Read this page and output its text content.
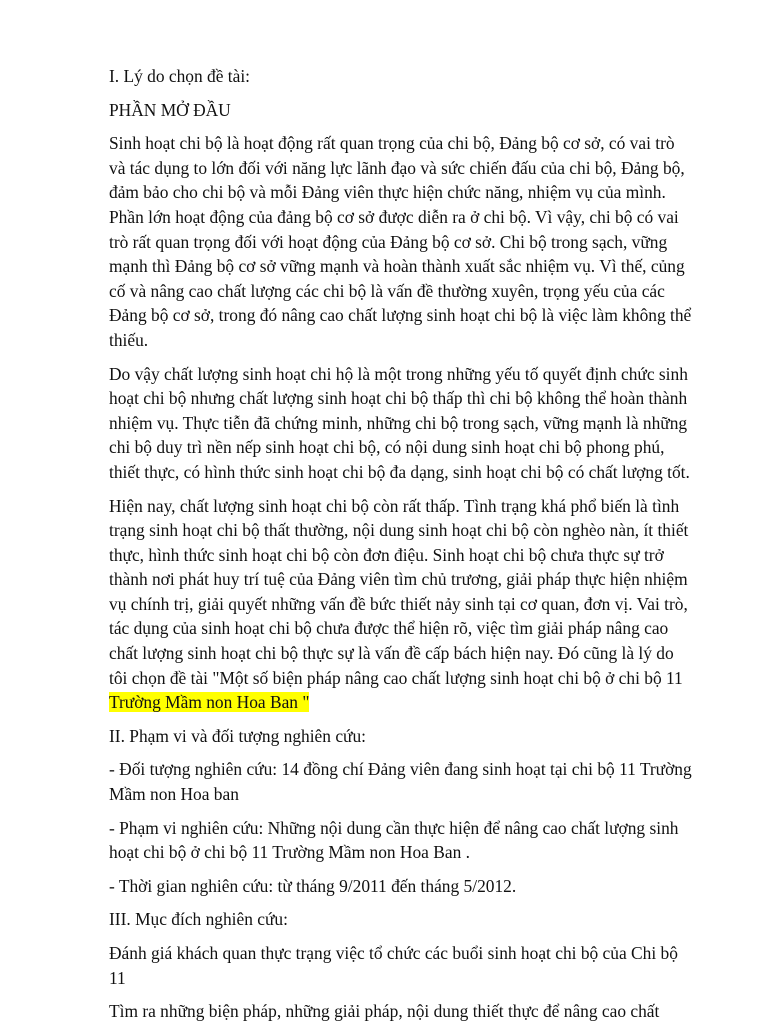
I. Lý do chọn đề tài:

PHẦN MỞ ĐẦU

Sinh hoạt chi bộ là hoạt động rất quan trọng của chi bộ, Đảng bộ cơ sở, có vai trò và tác dụng to lớn đối với năng lực lãnh đạo và sức chiến đấu của chi bộ, Đảng bộ, đảm bảo cho chi bộ và mỗi Đảng viên thực hiện chức năng, nhiệm vụ của mình. Phần lớn hoạt động của đảng bộ cơ sở được diễn ra ở chi bộ. Vì vậy, chi bộ có vai trò rất quan trọng đối với hoạt động của Đảng bộ cơ sở. Chi bộ trong sạch, vững mạnh thì Đảng bộ cơ sở vững mạnh và hoàn thành xuất sắc nhiệm vụ. Vì thế, củng cố và nâng cao chất lượng các chi bộ là vấn đề thường xuyên, trọng yếu của các Đảng bộ cơ sở, trong đó nâng cao chất lượng sinh hoạt chi bộ là việc làm không thể thiếu.

Do vậy chất lượng sinh hoạt chi hộ là một trong những yếu tố quyết định chức sinh hoạt chi bộ nhưng chất lượng sinh hoạt chi bộ thấp thì chi bộ không thể hoàn thành nhiệm vụ. Thực tiễn đã chứng minh, những chi bộ trong sạch, vững mạnh là những chi bộ duy trì nền nếp sinh hoạt chi bộ, có nội dung sinh hoạt chi bộ phong phú, thiết thực, có hình thức sinh hoạt chi bộ đa dạng, sinh hoạt chi bộ có chất lượng tốt.

Hiện nay, chất lượng sinh hoạt chi bộ còn rất thấp. Tình trạng khá phổ biến là tình trạng sinh hoạt chi bộ thất thường, nội dung sinh hoạt chi bộ còn nghèo nàn, ít thiết thực, hình thức sinh hoạt chi bộ còn đơn điệu. Sinh hoạt chi bộ chưa thực sự trở thành nơi phát huy trí tuệ của Đảng viên tìm chủ trương, giải pháp thực hiện nhiệm vụ chính trị, giải quyết những vấn đề bức thiết nảy sinh tại cơ quan, đơn vị. Vai trò, tác dụng của sinh hoạt chi bộ chưa được thể hiện rõ, việc tìm giải pháp nâng cao chất lượng sinh hoạt chi bộ thực sự là vấn đề cấp bách hiện nay. Đó cũng là lý do tôi chọn đề tài "Một số biện pháp nâng cao chất lượng sinh hoạt chi bộ ở chi bộ 11 Trường Mầm non Hoa Ban "

II. Phạm vi và đối tượng nghiên cứu:

- Đối tượng nghiên cứu: 14 đồng chí Đảng viên đang sinh hoạt tại chi bộ 11 Trường Mầm non Hoa ban

- Phạm vi nghiên cứu: Những nội dung cần thực hiện để nâng cao chất lượng sinh hoạt chi bộ ở chi bộ 11 Trường Mầm non Hoa Ban .

- Thời gian nghiên cứu: từ tháng 9/2011 đến tháng 5/2012.

III. Mục đích nghiên cứu:

Đánh giá khách quan thực trạng việc tổ chức các buổi sinh hoạt chi bộ của Chi bộ 11

Tìm ra những biện pháp, những giải pháp, nội dung thiết thực để nâng cao chất
